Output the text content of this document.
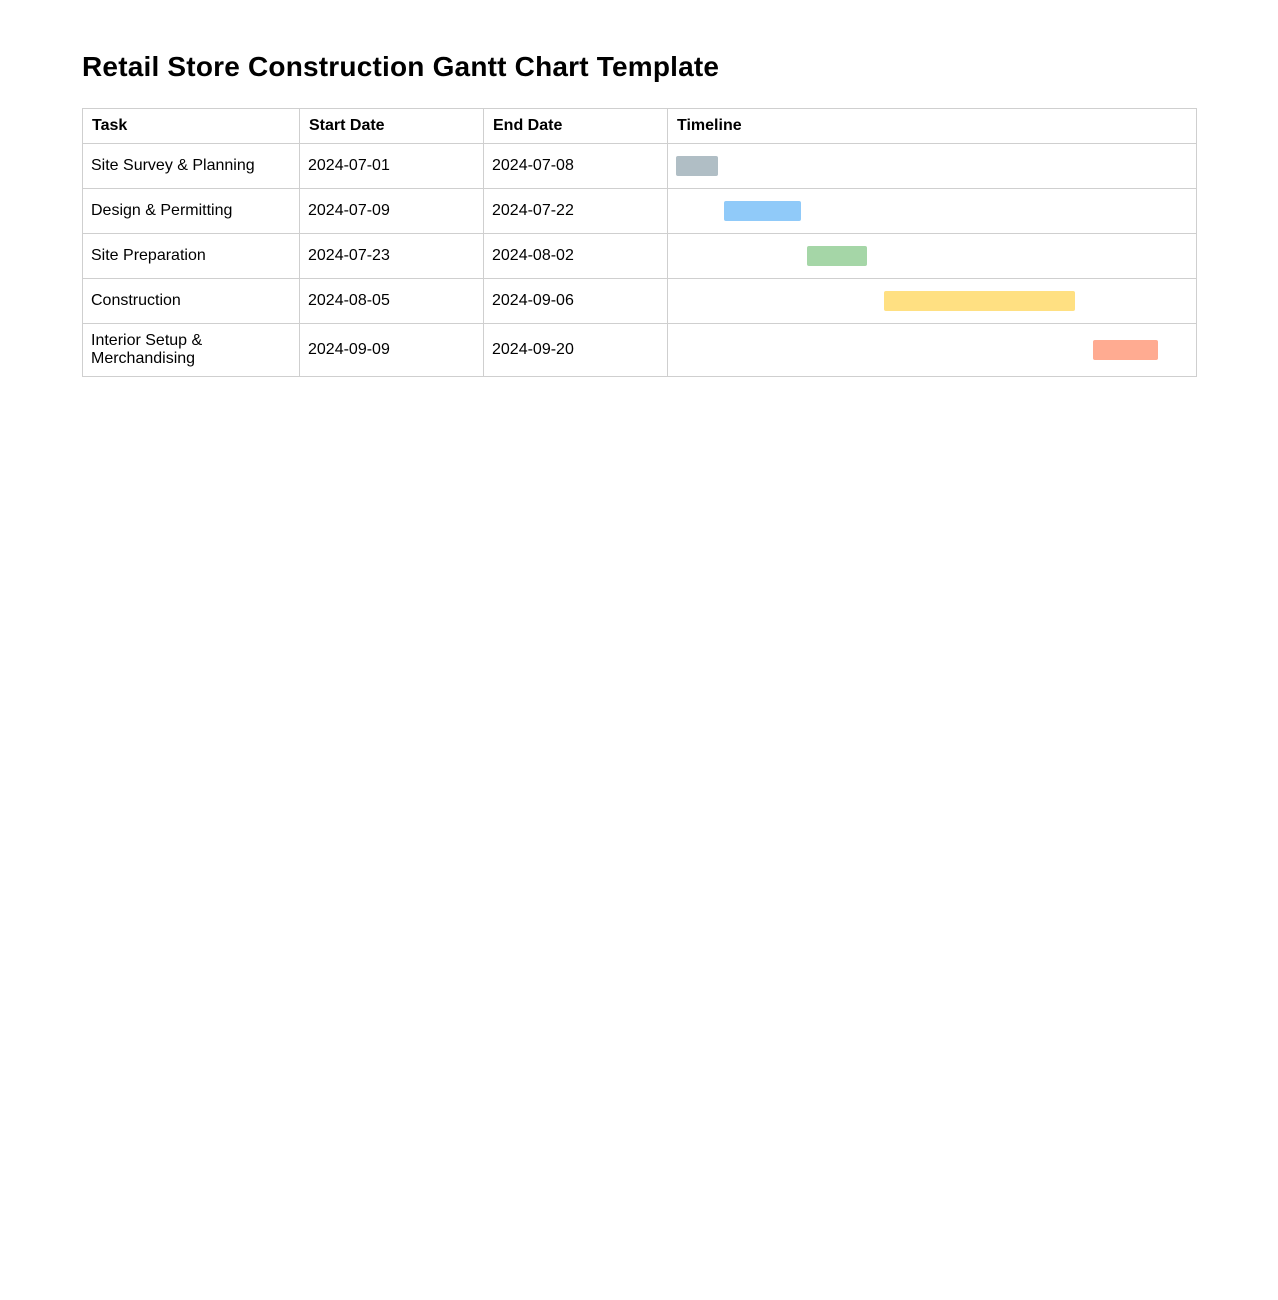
Retail Store Construction Gantt Chart Template
Task	Start Date	End Date	Timeline
Site Survey & Planning	2024-07-01	2024-07-08	

Design & Permitting	2024-07-09	2024-07-22	

Site Preparation	2024-07-23	2024-08-02	

Construction	2024-08-05	2024-09-06	

Interior Setup & Merchandising	2024-09-09	2024-09-20	
